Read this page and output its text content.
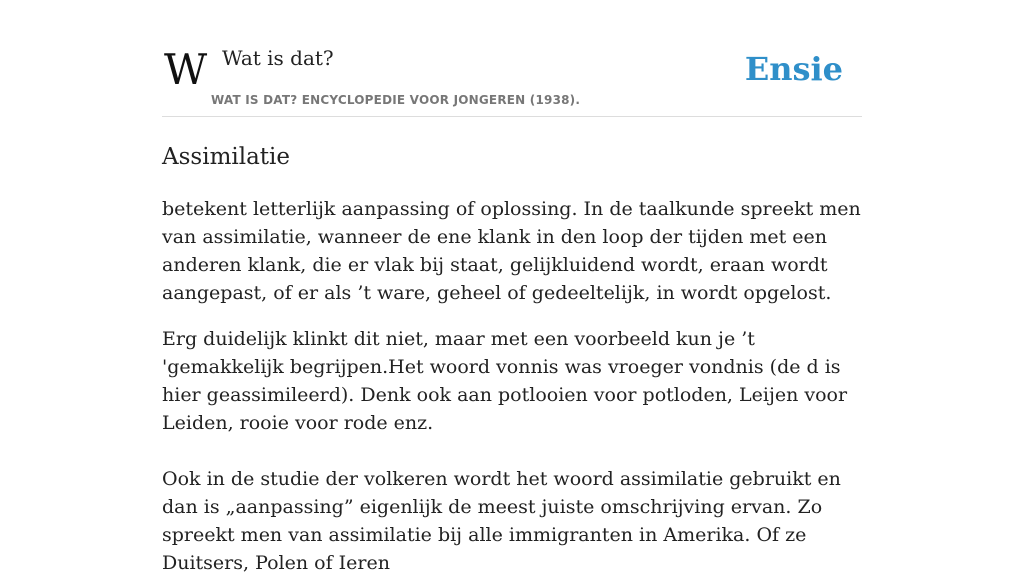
W Wat is dat?
WAT IS DAT? ENCYCLOPEDIE VOOR JONGEREN (1938).
Ensie
Assimilatie

betekent letterlijk aanpassing of oplossing. In de taalkunde spreekt men van assimilatie, wanneer de ene klank in den loop der tijden met een anderen klank, die er vlak bij staat, gelijkluidend wordt, eraan wordt aangepast, of er als ’t ware, geheel of gedeeltelijk, in wordt opgelost.

Erg duidelijk klinkt dit niet, maar met een voorbeeld kun je ’t 'gemakkelijk begrijpen.Het woord vonnis was vroeger vondnis (de d is hier geassimileerd). Denk ook aan potlooien voor potloden, Leijen voor Leiden, rooie voor rode enz.

Ook in de studie der volkeren wordt het woord assimilatie gebruikt en dan is „aanpassing” eigenlijk de meest juiste omschrijving ervan. Zo spreekt men van assimilatie bij alle immigranten in Amerika. Of ze Duitsers, Polen of Ieren
